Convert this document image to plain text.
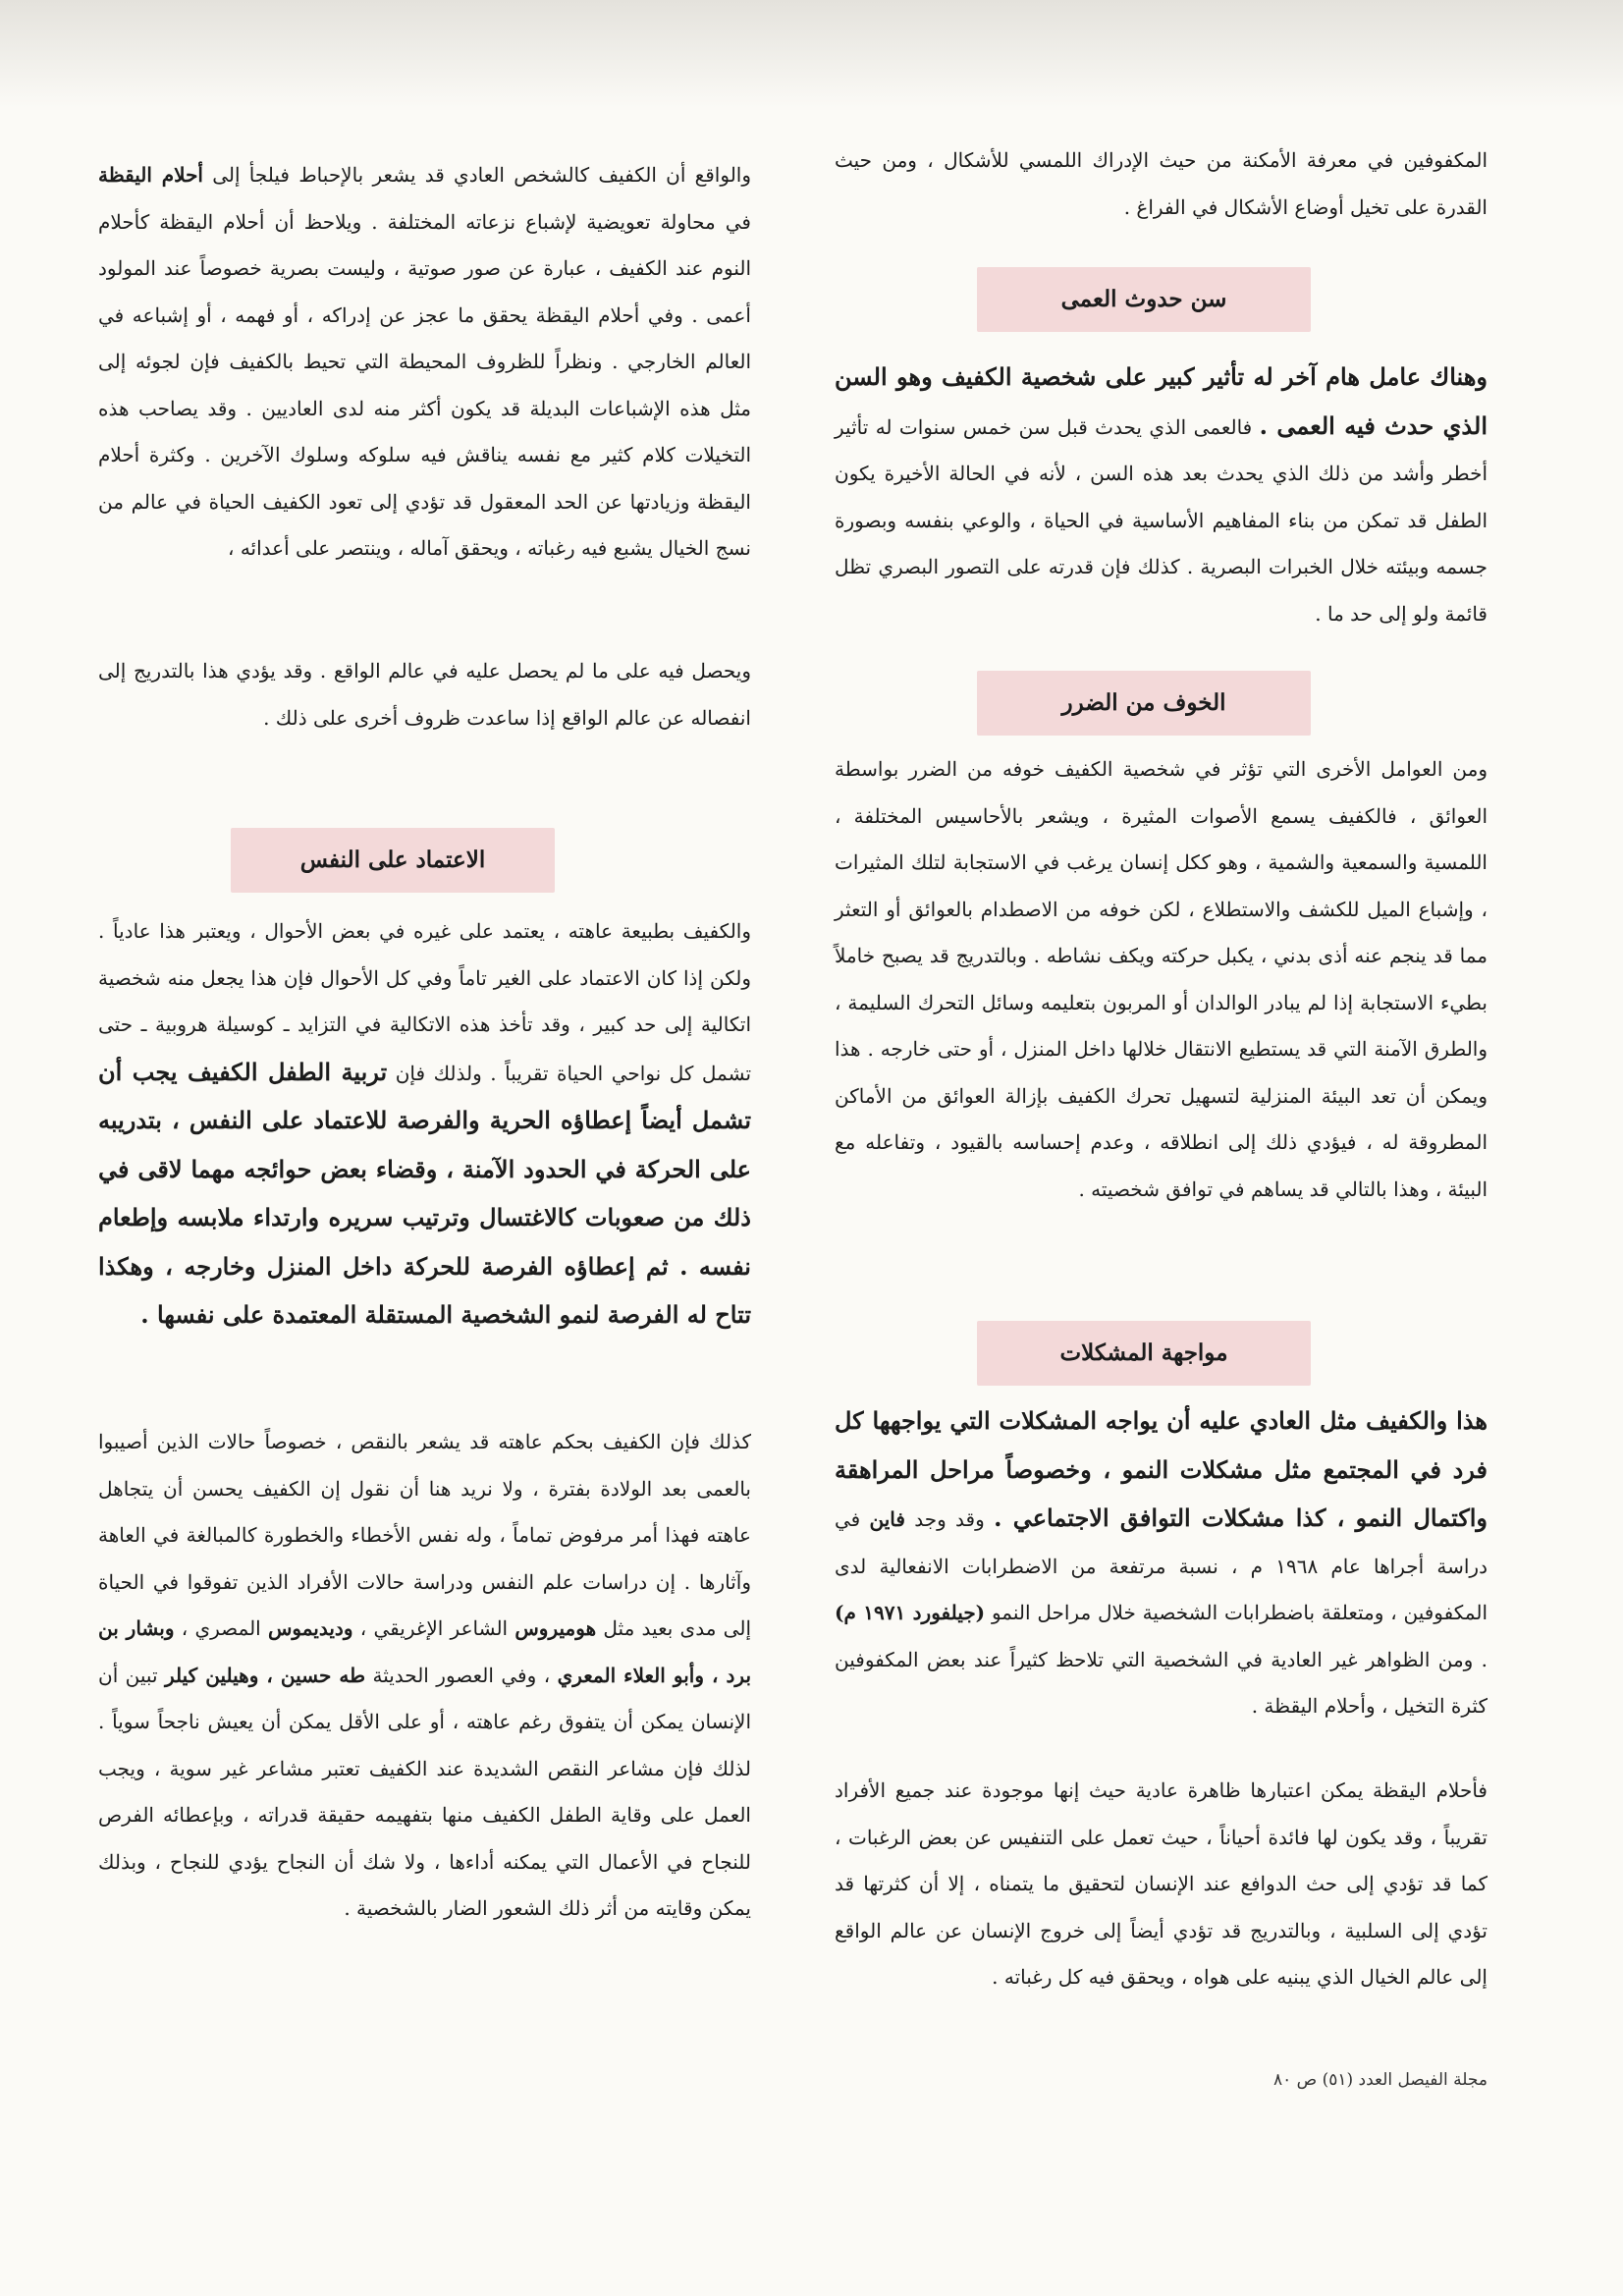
المكفوفين في معرفة الأمكنة من حيث الإدراك اللمسي للأشكال ، ومن حيث القدرة على تخيل أوضاع الأشكال في الفراغ .

سن حدوث العمى

وهناك عامل هام آخر له تأثير كبير على شخصية الكفيف وهو السن الذي حدث فيه العمى . فالعمى الذي يحدث قبل سن خمس سنوات له تأثير أخطر وأشد من ذلك الذي يحدث بعد هذه السن ، لأنه في الحالة الأخيرة يكون الطفل قد تمكن من بناء المفاهيم الأساسية في الحياة ، والوعي بنفسه وبصورة جسمه وبيئته خلال الخبرات البصرية . كذلك فإن قدرته على التصور البصري تظل قائمة ولو إلى حد ما .

الخوف من الضرر

ومن العوامل الأخرى التي تؤثر في شخصية الكفيف خوفه من الضرر بواسطة العوائق ، فالكفيف يسمع الأصوات المثيرة ، ويشعر بالأحاسيس المختلفة ، اللمسية والسمعية والشمية ، وهو ككل إنسان يرغب في الاستجابة لتلك المثيرات ، وإشباع الميل للكشف والاستطلاع ، لكن خوفه من الاصطدام بالعوائق أو التعثر مما قد ينجم عنه أذى بدني ، يكبل حركته ويكف نشاطه . وبالتدريج قد يصبح خاملاً بطيء الاستجابة إذا لم يبادر الوالدان أو المربون بتعليمه وسائل التحرك السليمة ، والطرق الآمنة التي قد يستطيع الانتقال خلالها داخل المنزل ، أو حتى خارجه . هذا ويمكن أن تعد البيئة المنزلية لتسهيل تحرك الكفيف بإزالة العوائق من الأماكن المطروقة له ، فيؤدي ذلك إلى انطلاقه ، وعدم إحساسه بالقيود ، وتفاعله مع البيئة ، وهذا بالتالي قد يساهم في توافق شخصيته .

مواجهة المشكلات

هذا والكفيف مثل العادي عليه أن يواجه المشكلات التي يواجهها كل فرد في المجتمع مثل مشكلات النمو ، وخصوصاً مراحل المراهقة واكتمال النمو ، كذا مشكلات التوافق الاجتماعي . وقد وجد فاين في دراسة أجراها عام ١٩٦٨ م ، نسبة مرتفعة من الاضطرابات الانفعالية لدى المكفوفين ، ومتعلقة باضطرابات الشخصية خلال مراحل النمو (جيلفورد ١٩٧١ م) . ومن الظواهر غير العادية في الشخصية التي تلاحظ كثيراً عند بعض المكفوفين كثرة التخيل ، وأحلام اليقظة .

فأحلام اليقظة يمكن اعتبارها ظاهرة عادية حيث إنها موجودة عند جميع الأفراد تقريباً ، وقد يكون لها فائدة أحياناً ، حيث تعمل على التنفيس عن بعض الرغبات ، كما قد تؤدي إلى حث الدوافع عند الإنسان لتحقيق ما يتمناه ، إلا أن كثرتها قد تؤدي إلى السلبية ، وبالتدريج قد تؤدي أيضاً إلى خروج الإنسان عن عالم الواقع إلى عالم الخيال الذي يبنيه على هواه ، ويحقق فيه كل رغباته .

والواقع أن الكفيف كالشخص العادي قد يشعر بالإحباط فيلجأ إلى أحلام اليقظة في محاولة تعويضية لإشباع نزعاته المختلفة . ويلاحظ أن أحلام اليقظة كأحلام النوم عند الكفيف ، عبارة عن صور صوتية ، وليست بصرية خصوصاً عند المولود أعمى . وفي أحلام اليقظة يحقق ما عجز عن إدراكه ، أو فهمه ، أو إشباعه في العالم الخارجي . ونظراً للظروف المحيطة التي تحيط بالكفيف فإن لجوئه إلى مثل هذه الإشباعات البديلة قد يكون أكثر منه لدى العاديين . وقد يصاحب هذه التخيلات كلام كثير مع نفسه يناقش فيه سلوكه وسلوك الآخرين . وكثرة أحلام اليقظة وزيادتها عن الحد المعقول قد تؤدي إلى تعود الكفيف الحياة في عالم من نسج الخيال يشبع فيه رغباته ، ويحقق آماله ، وينتصر على أعدائه ،

ويحصل فيه على ما لم يحصل عليه في عالم الواقع . وقد يؤدي هذا بالتدريج إلى انفصاله عن عالم الواقع إذا ساعدت ظروف أخرى على ذلك .

الاعتماد على النفس

والكفيف بطبيعة عاهته ، يعتمد على غيره في بعض الأحوال ، ويعتبر هذا عادياً . ولكن إذا كان الاعتماد على الغير تاماً وفي كل الأحوال فإن هذا يجعل منه شخصية اتكالية إلى حد كبير ، وقد تأخذ هذه الاتكالية في التزايد ـ كوسيلة هروبية ـ حتى تشمل كل نواحي الحياة تقريباً . ولذلك فإن تربية الطفل الكفيف يجب أن تشمل أيضاً إعطاؤه الحرية والفرصة للاعتماد على النفس ، بتدريبه على الحركة في الحدود الآمنة ، وقضاء بعض حوائجه مهما لاقى في ذلك من صعوبات كالاغتسال وترتيب سريره وارتداء ملابسه وإطعام نفسه . ثم إعطاؤه الفرصة للحركة داخل المنزل وخارجه ، وهكذا تتاح له الفرصة لنمو الشخصية المستقلة المعتمدة على نفسها .

كذلك فإن الكفيف بحكم عاهته قد يشعر بالنقص ، خصوصاً حالات الذين أصيبوا بالعمى بعد الولادة بفترة ، ولا نريد هنا أن نقول إن الكفيف يحسن أن يتجاهل عاهته فهذا أمر مرفوض تماماً ، وله نفس الأخطاء والخطورة كالمبالغة في العاهة وآثارها . إن دراسات علم النفس ودراسة حالات الأفراد الذين تفوقوا في الحياة إلى مدى بعيد مثل هوميروس الشاعر الإغريقي ، وديديموس المصري ، وبشار بن برد ، وأبو العلاء المعري ، وفي العصور الحديثة طه حسين ، وهيلين كيلر تبين أن الإنسان يمكن أن يتفوق رغم عاهته ، أو على الأقل يمكن أن يعيش ناجحاً سوياً . لذلك فإن مشاعر النقص الشديدة عند الكفيف تعتبر مشاعر غير سوية ، ويجب العمل على وقاية الطفل الكفيف منها بتفهيمه حقيقة قدراته ، وبإعطائه الفرص للنجاح في الأعمال التي يمكنه أداءها ، ولا شك أن النجاح يؤدي للنجاح ، وبذلك يمكن وقايته من أثر ذلك الشعور الضار بالشخصية .

مجلة الفيصل العدد (٥١) ص ٨٠
